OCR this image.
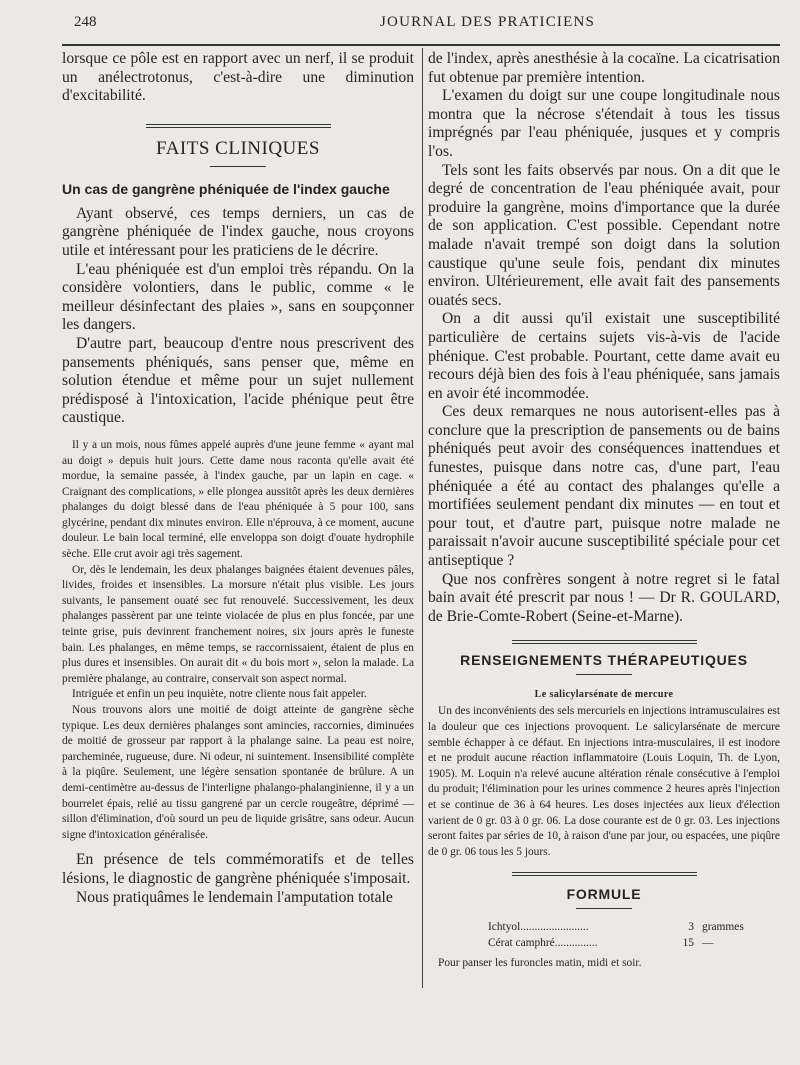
248	JOURNAL DES PRATICIENS

lorsque ce pôle est en rapport avec un nerf, il se produit un anélectrotonus, c'est-à-dire une diminution d'excitabilité.

FAITS CLINIQUES
Un cas de gangrène phéniquée de l'index gauche

Ayant observé, ces temps derniers, un cas de gangrène phéniquée de l'index gauche, nous croyons utile et intéressant pour les praticiens de le décrire.

L'eau phéniquée est d'un emploi très répandu. On la considère volontiers, dans le public, comme « le meilleur désinfectant des plaies », sans en soupçonner les dangers.

D'autre part, beaucoup d'entre nous prescrivent des pansements phéniqués, sans penser que, même en solution étendue et même pour un sujet nullement prédisposé à l'intoxication, l'acide phénique peut être caustique.

Il y a un mois, nous fûmes appelé auprès d'une jeune femme « ayant mal au doigt » depuis huit jours. Cette dame nous raconta qu'elle avait été mordue, la semaine passée, à l'index gauche, par un lapin en cage. « Craignant des complications, » elle plongea aussitôt après les deux dernières phalanges du doigt blessé dans de l'eau phéniquée à 5 pour 100, sans glycérine, pendant dix minutes environ. Elle n'éprouva, à ce moment, aucune douleur. Le bain local terminé, elle enveloppa son doigt d'ouate hydrophile sèche. Elle crut avoir agi très sagement.

Or, dès le lendemain, les deux phalanges baignées étaient devenues pâles, livides, froides et insensibles. La morsure n'était plus visible. Les jours suivants, le pansement ouaté sec fut renouvelé. Successivement, les deux phalanges passèrent par une teinte violacée de plus en plus foncée, par une teinte grise, puis devinrent franchement noires, six jours après le funeste bain. Les phalanges, en même temps, se raccornissaient, étaient de plus en plus dures et insensibles. On aurait dit « du bois mort », selon la malade. La première phalange, au contraire, conservait son aspect normal.

Intriguée et enfin un peu inquiète, notre cliente nous fait appeler.

Nous trouvons alors une moitié de doigt atteinte de gangrène sèche typique. Les deux dernières phalanges sont amincies, raccornies, diminuées de moitié de grosseur par rapport à la phalange saine. La peau est noire, parcheminée, rugueuse, dure. Ni odeur, ni suintement. Insensibilité complète à la piqûre. Seulement, une légère sensation spontanée de brûlure. A un demi-centimètre au-dessus de l'interligne phalango-phalanginienne, il y a un bourrelet épais, relié au tissu gangrené par un cercle rougeâtre, déprimé — sillon d'élimination, d'où sourd un peu de liquide grisâtre, sans odeur. Aucun signe d'intoxication généralisée.

En présence de tels commémoratifs et de telles lésions, le diagnostic de gangrène phéniquée s'imposait.

Nous pratiquâmes le lendemain l'amputation totale

de l'index, après anesthésie à la cocaïne. La cicatrisation fut obtenue par première intention.

L'examen du doigt sur une coupe longitudinale nous montra que la nécrose s'étendait à tous les tissus imprégnés par l'eau phéniquée, jusques et y compris l'os.

Tels sont les faits observés par nous. On a dit que le degré de concentration de l'eau phéniquée avait, pour produire la gangrène, moins d'importance que la durée de son application. C'est possible. Cependant notre malade n'avait trempé son doigt dans la solution caustique qu'une seule fois, pendant dix minutes environ. Ultérieurement, elle avait fait des pansements ouatés secs.

On a dit aussi qu'il existait une susceptibilité particulière de certains sujets vis-à-vis de l'acide phénique. C'est probable. Pourtant, cette dame avait eu recours déjà bien des fois à l'eau phéniquée, sans jamais en avoir été incommodée.

Ces deux remarques ne nous autorisent-elles pas à conclure que la prescription de pansements ou de bains phéniqués peut avoir des conséquences inattendues et funestes, puisque dans notre cas, d'une part, l'eau phéniquée a été au contact des phalanges qu'elle a mortifiées seulement pendant dix minutes — en tout et pour tout, et d'autre part, puisque notre malade ne paraissait n'avoir aucune susceptibilité spéciale pour cet antiseptique ?

Que nos confrères songent à notre regret si le fatal bain avait été prescrit par nous ! — Dr R. GOULARD, de Brie-Comte-Robert (Seine-et-Marne).

RENSEIGNEMENTS THÉRAPEUTIQUES
Le salicylarsénate de mercure

Un des inconvénients des sels mercuriels en injections intramusculaires est la douleur que ces injections provoquent. Le salicylarsénate de mercure semble échapper à ce défaut. En injections intra-musculaires, il est inodore et ne produit aucune réaction inflammatoire (Louis Loquin, Th. de Lyon, 1905). M. Loquin n'a relevé aucune altération rénale consécutive à l'emploi du produit; l'élimination pour les urines commence 2 heures après l'injection et se continue de 36 à 64 heures. Les doses injectées aux lieux d'élection varient de 0 gr. 03 à 0 gr. 06. La dose courante est de 0 gr. 03. Les injections seront faites par séries de 10, à raison d'une par jour, ou espacées, une piqûre de 0 gr. 06 tous les 5 jours.

FORMULE
Ichtyol........................	3 grammes
Cérat camphré...............	15 —
Pour panser les furoncles matin, midi et soir.
